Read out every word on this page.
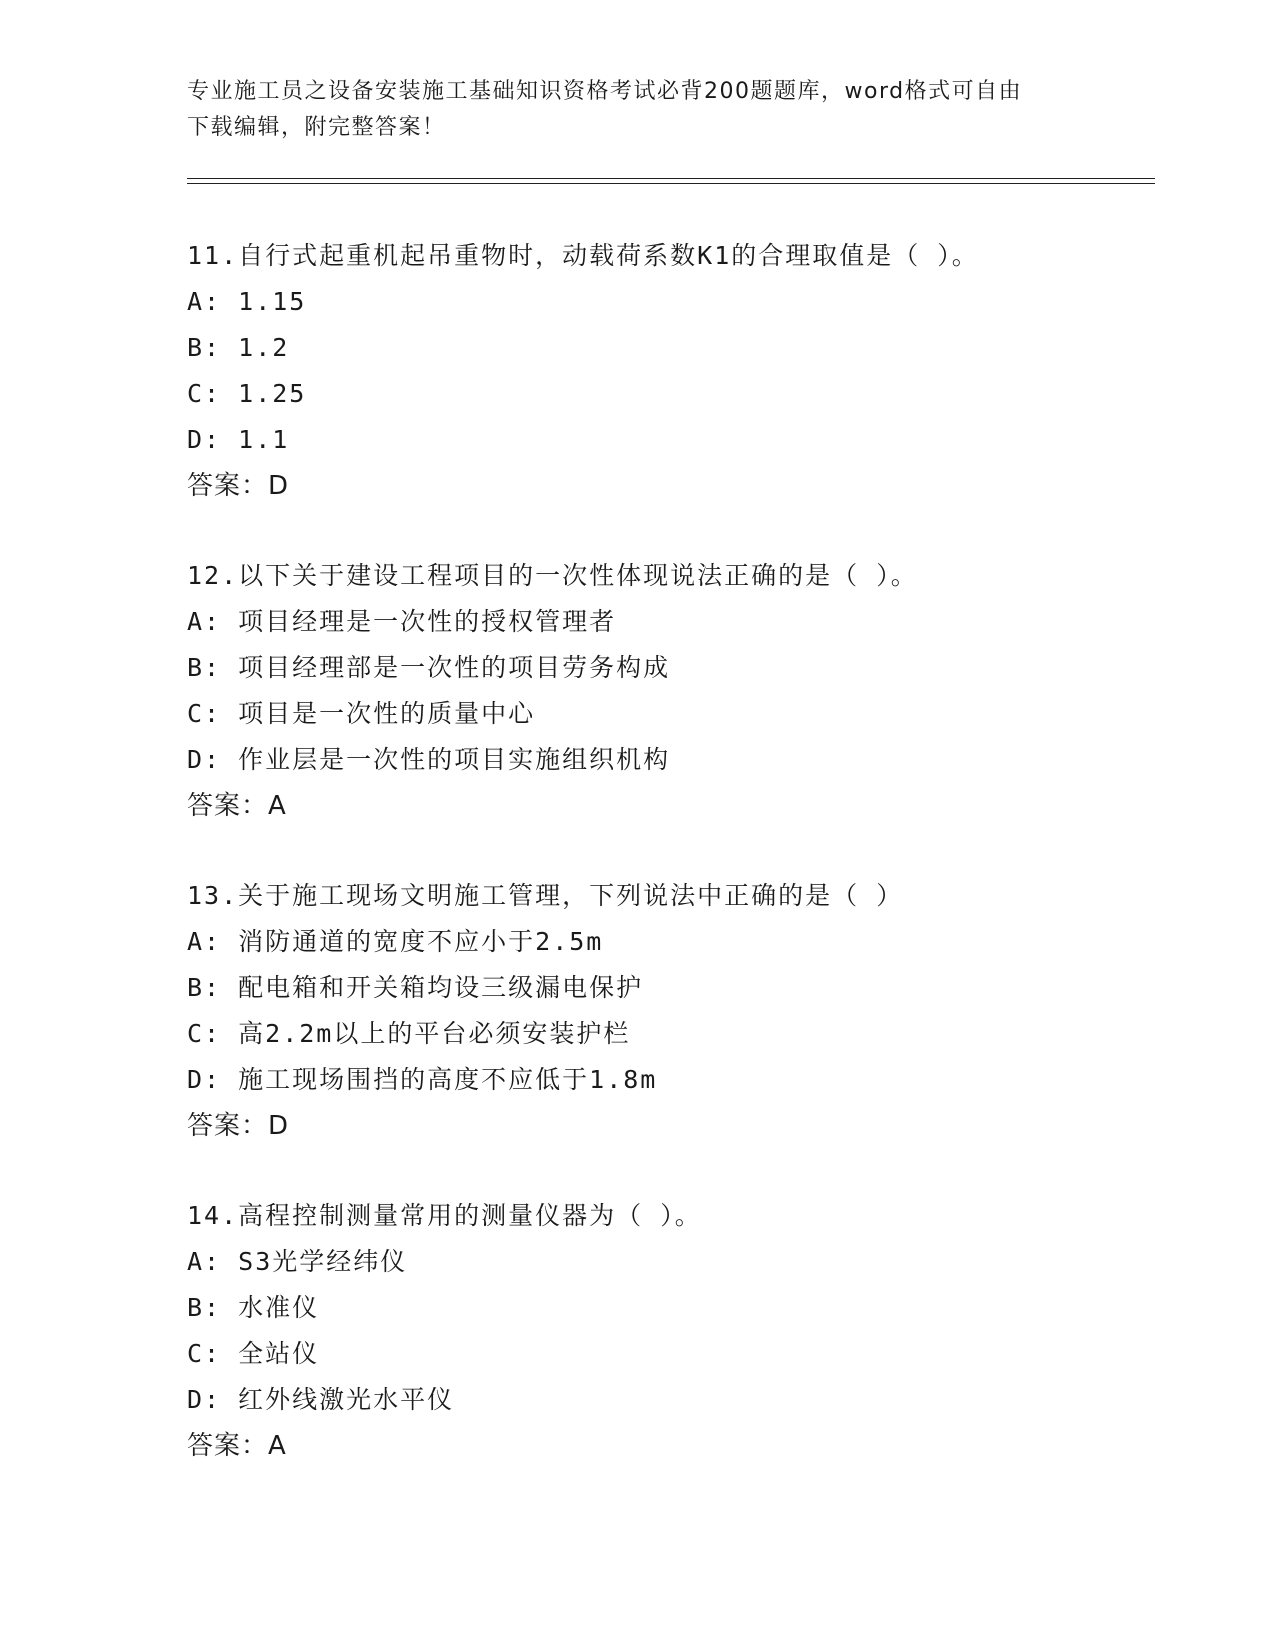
专业施工员之设备安装施工基础知识资格考试必背200题题库，word格式可自由
下载编辑，附完整答案！
11.自行式起重机起吊重物时，动载荷系数K1的合理取值是（ ）。
A: 1.15
B: 1.2
C: 1.25
D: 1.1
答案：D
12.以下关于建设工程项目的一次性体现说法正确的是（ ）。
A: 项目经理是一次性的授权管理者
B: 项目经理部是一次性的项目劳务构成
C: 项目是一次性的质量中心
D: 作业层是一次性的项目实施组织机构
答案：A
13.关于施工现场文明施工管理，下列说法中正确的是（ ）
A: 消防通道的宽度不应小于2.5m
B: 配电箱和开关箱均设三级漏电保护
C: 高2.2m以上的平台必须安装护栏
D: 施工现场围挡的高度不应低于1.8m
答案：D
14.高程控制测量常用的测量仪器为（ ）。
A: S3光学经纬仪
B: 水准仪
C: 全站仪
D: 红外线激光水平仪
答案：A
